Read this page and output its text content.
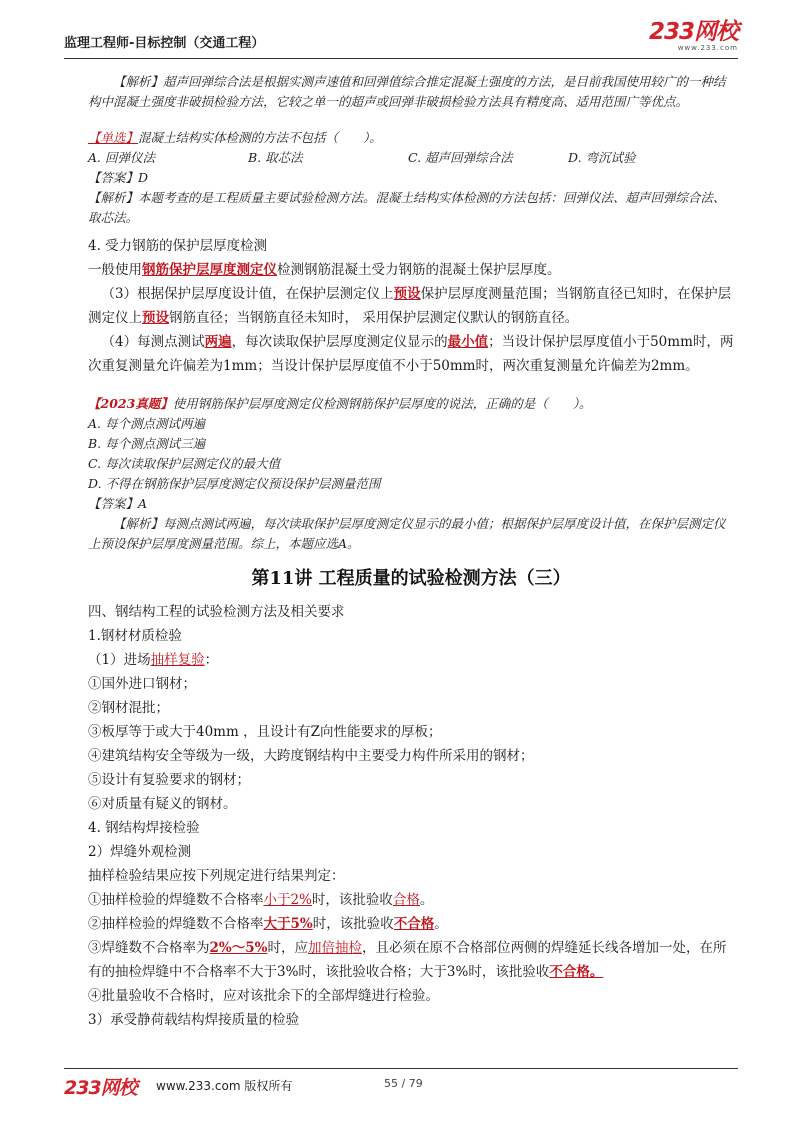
监理工程师-目标控制（交通工程）	233网校
www.233.com
【解析】超声回弹综合法是根据实测声速值和回弹值综合推定混凝土强度的方法，是目前我国使用较广的一种结构中混凝土强度非破损检验方法，它较之单一的超声或回弹非破损检验方法具有精度高、适用范围广等优点。
【单选】混凝土结构实体检测的方法不包括（　　）。
A. 回弹仪法	B. 取芯法	C. 超声回弹综合法	D. 弯沉试验
【答案】D
【解析】本题考查的是工程质量主要试验检测方法。混凝土结构实体检测的方法包括：回弹仪法、超声回弹综合法、取芯法。
4. 受力钢筋的保护层厚度检测
一般使用钢筋保护层厚度测定仪检测钢筋混凝土受力钢筋的混凝土保护层厚度。
（3）根据保护层厚度设计值，在保护层测定仪上预设保护层厚度测量范围；当钢筋直径已知时，在保护层测定仪上预设钢筋直径；当钢筋直径未知时， 采用保护层测定仪默认的钢筋直径。
（4）每测点测试两遍，每次读取保护层厚度测定仪显示的最小值；当设计保护层厚度值小于50mm时，两次重复测量允许偏差为1mm；当设计保护层厚度值不小于50mm时，两次重复测量允许偏差为2mm。
【2023真题】使用钢筋保护层厚度测定仪检测钢筋保护层厚度的说法，正确的是（　　）。
A. 每个测点测试两遍
B. 每个测点测试三遍
C. 每次读取保护层测定仪的最大值
D. 不得在钢筋保护层厚度测定仪预设保护层测量范围
【答案】A
【解析】每测点测试两遍，每次读取保护层厚度测定仪显示的最小值；根据保护层厚度设计值，在保护层测定仪上预设保护层厚度测量范围。综上，本题应选A。
第11讲 工程质量的试验检测方法（三）
四、钢结构工程的试验检测方法及相关要求
1.钢材材质检验
（1）进场抽样复验：
①国外进口钢材；
②钢材混批；
③板厚等于或大于40mm ，且设计有Z向性能要求的厚板；
④建筑结构安全等级为一级，大跨度钢结构中主要受力构件所采用的钢材；
⑤设计有复验要求的钢材；
⑥对质量有疑义的钢材。
4. 钢结构焊接检验
2）焊缝外观检测
抽样检验结果应按下列规定进行结果判定：
①抽样检验的焊缝数不合格率小于2%时，该批验收合格。
②抽样检验的焊缝数不合格率大于5%时，该批验收不合格。
③焊缝数不合格率为2%～5%时，应加倍抽检，且必须在原不合格部位两侧的焊缝延长线各增加一处，在所有的抽检焊缝中不合格率不大于3%时，该批验收合格；大于3%时，该批验收不合格。
④批量验收不合格时，应对该批余下的全部焊缝进行检验。
3）承受静荷载结构焊接质量的检验
233网校 www.233.com 版权所有	55 / 79
